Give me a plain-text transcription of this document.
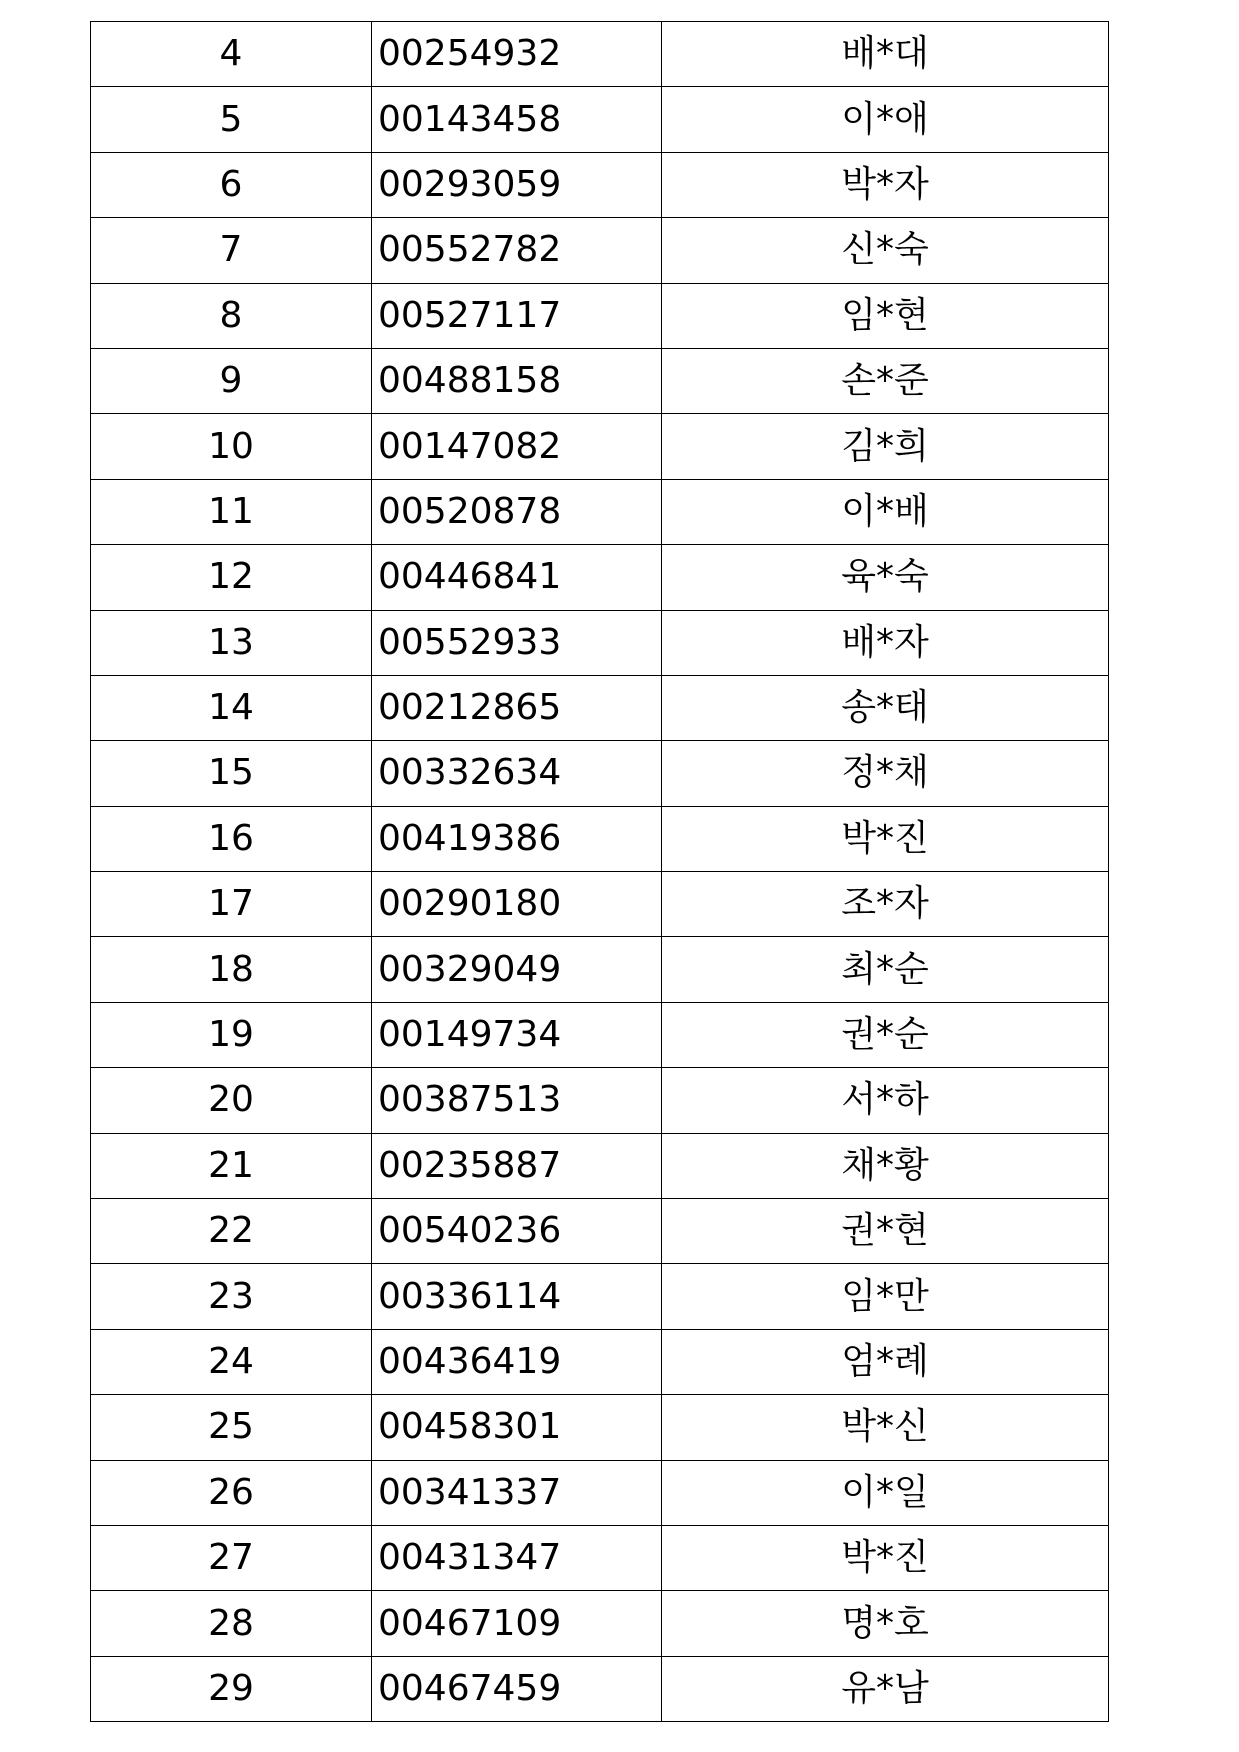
4	00254932	배*대
5	00143458	이*애
6	00293059	박*자
7	00552782	신*숙
8	00527117	임*현
9	00488158	손*준
10	00147082	김*희
11	00520878	이*배
12	00446841	육*숙
13	00552933	배*자
14	00212865	송*태
15	00332634	정*채
16	00419386	박*진
17	00290180	조*자
18	00329049	최*순
19	00149734	권*순
20	00387513	서*하
21	00235887	채*황
22	00540236	권*현
23	00336114	임*만
24	00436419	엄*례
25	00458301	박*신
26	00341337	이*일
27	00431347	박*진
28	00467109	명*호
29	00467459	유*남
